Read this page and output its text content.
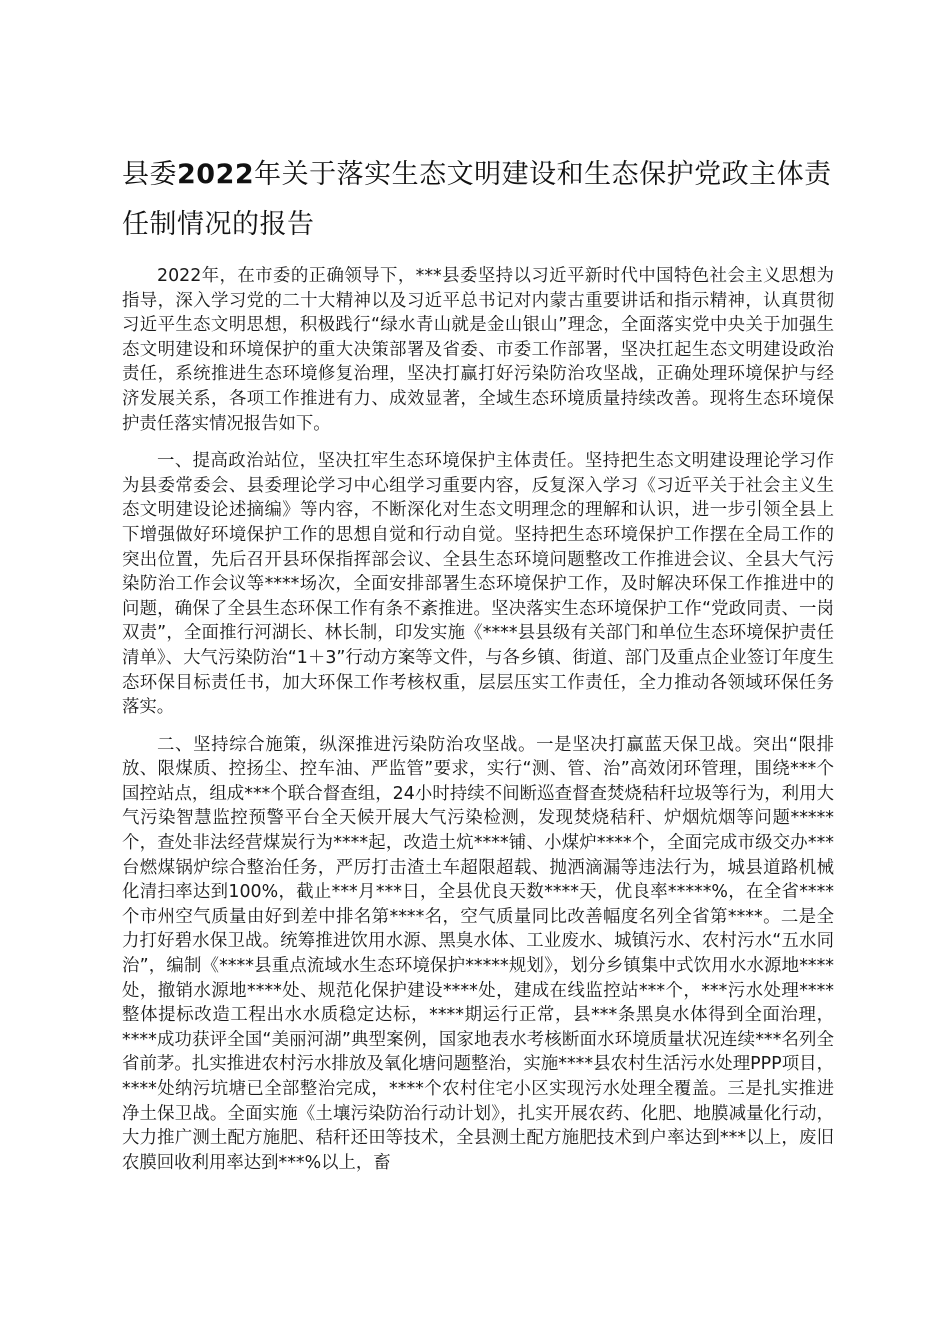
县委2022年关于落实生态文明建设和生态保护党政主体责任制情况的报告

2022年，在市委的正确领导下，***县委坚持以习近平新时代中国特色社会主义思想为指导，深入学习党的二十大精神以及习近平总书记对内蒙古重要讲话和指示精神，认真贯彻习近平生态文明思想，积极践行“绿水青山就是金山银山”理念，全面落实党中央关于加强生态文明建设和环境保护的重大决策部署及省委、市委工作部署，坚决扛起生态文明建设政治责任，系统推进生态环境修复治理，坚决打赢打好污染防治攻坚战，正确处理环境保护与经济发展关系，各项工作推进有力、成效显著，全域生态环境质量持续改善。现将生态环境保护责任落实情况报告如下。

一、提高政治站位，坚决扛牢生态环境保护主体责任。坚持把生态文明建设理论学习作为县委常委会、县委理论学习中心组学习重要内容，反复深入学习《习近平关于社会主义生态文明建设论述摘编》等内容，不断深化对生态文明理念的理解和认识，进一步引领全县上下增强做好环境保护工作的思想自觉和行动自觉。坚持把生态环境保护工作摆在全局工作的突出位置，先后召开县环保指挥部会议、全县生态环境问题整改工作推进会议、全县大气污染防治工作会议等****场次，全面安排部署生态环境保护工作，及时解决环保工作推进中的问题，确保了全县生态环保工作有条不紊推进。坚决落实生态环境保护工作“党政同责、一岗双责”，全面推行河湖长、林长制，印发实施《****县县级有关部门和单位生态环境保护责任清单》、大气污染防治“1＋3”行动方案等文件，与各乡镇、街道、部门及重点企业签订年度生态环保目标责任书，加大环保工作考核权重，层层压实工作责任，全力推动各领域环保任务落实。

二、坚持综合施策，纵深推进污染防治攻坚战。一是坚决打赢蓝天保卫战。突出“限排放、限煤质、控扬尘、控车油、严监管”要求，实行“测、管、治”高效闭环管理，围绕***个国控站点，组成***个联合督查组，24小时持续不间断巡查督查焚烧秸秆垃圾等行为，利用大气污染智慧监控预警平台全天候开展大气污染检测，发现焚烧秸秆、炉烟炕烟等问题*****个，查处非法经营煤炭行为****起，改造土炕****铺、小煤炉****个，全面完成市级交办***台燃煤锅炉综合整治任务，严厉打击渣土车超限超载、抛洒滴漏等违法行为，城县道路机械化清扫率达到100%，截止***月***日，全县优良天数****天，优良率*****%，在全省****个市州空气质量由好到差中排名第****名，空气质量同比改善幅度名列全省第****。二是全力打好碧水保卫战。统筹推进饮用水源、黑臭水体、工业废水、城镇污水、农村污水“五水同治”，编制《****县重点流域水生态环境保护*****规划》，划分乡镇集中式饮用水水源地****处，撤销水源地****处、规范化保护建设****处，建成在线监控站***个，***污水处理****整体提标改造工程出水水质稳定达标，****期运行正常，县***条黑臭水体得到全面治理，****成功获评全国“美丽河湖”典型案例，国家地表水考核断面水环境质量状况连续***名列全省前茅。扎实推进农村污水排放及氧化塘问题整治，实施****县农村生活污水处理PPP项目，****处纳污坑塘已全部整治完成，****个农村住宅小区实现污水处理全覆盖。三是扎实推进净土保卫战。全面实施《土壤污染防治行动计划》，扎实开展农药、化肥、地膜减量化行动，大力推广测土配方施肥、秸秆还田等技术，全县测土配方施肥技术到户率达到***以上，废旧农膜回收利用率达到***%以上，畜
